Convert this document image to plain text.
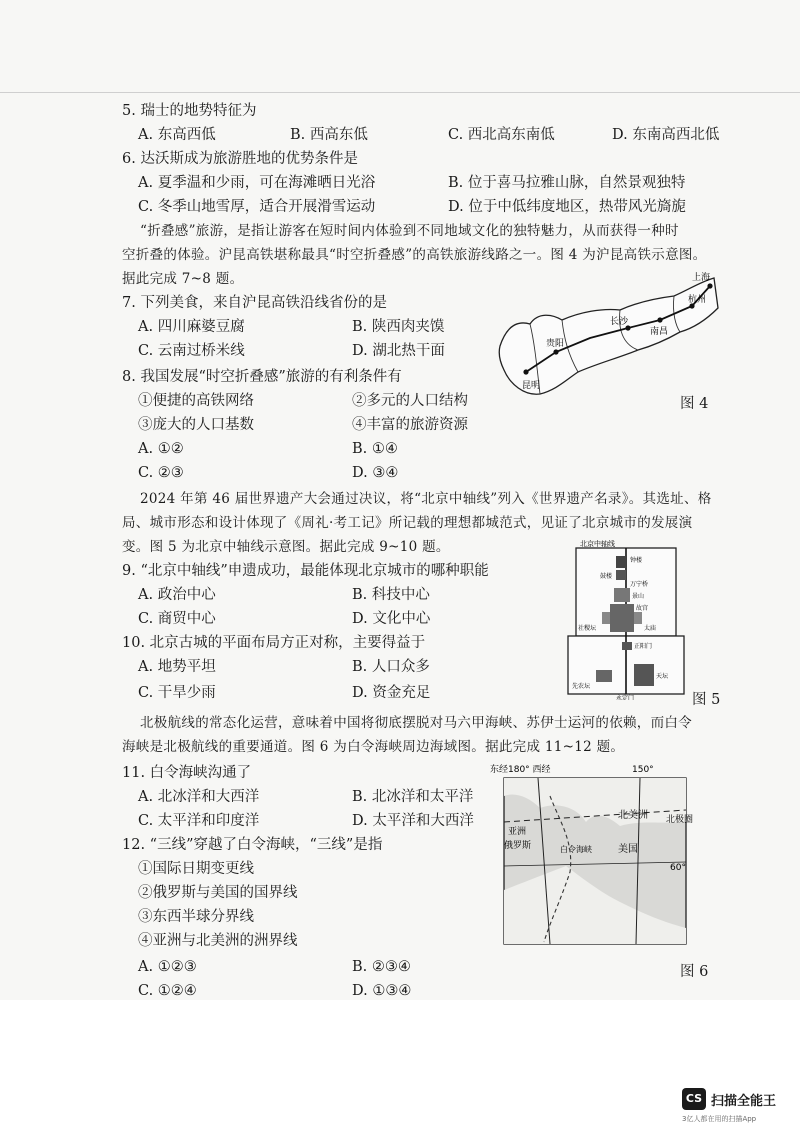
5. 瑞士的地势特征为
A. 东高西低	B. 西高东低	C. 西北高东南低	D. 东南高西北低
6. 达沃斯成为旅游胜地的优势条件是
A. 夏季温和少雨，可在海滩晒日光浴	B. 位于喜马拉雅山脉，自然景观独特
C. 冬季山地雪厚，适合开展滑雪运动	D. 位于中低纬度地区，热带风光旖旎
“折叠感”旅游，是指让游客在短时间内体验到不同地域文化的独特魅力，从而获得一种时
空折叠的体验。沪昆高铁堪称最具“时空折叠感”的高铁旅游线路之一。图 4 为沪昆高铁示意图。
据此完成 7~8 题。
7. 下列美食，来自沪昆高铁沿线省份的是
A. 四川麻婆豆腐	B. 陕西肉夹馍
C. 云南过桥米线	D. 湖北热干面
8. 我国发展“时空折叠感”旅游的有利条件有
①便捷的高铁网络	②多元的人口结构
③庞大的人口基数	④丰富的旅游资源
A. ①②	B. ①④
C. ②③	D. ③④
上海
杭州
长沙
南昌
贵阳
昆明
图 4
2024 年第 46 届世界遗产大会通过决议，将“北京中轴线”列入《世界遗产名录》。其选址、格
局、城市形态和设计体现了《周礼·考工记》所记载的理想都城范式，见证了北京城市的发展演
变。图 5 为北京中轴线示意图。据此完成 9~10 题。
9. “北京中轴线”申遗成功，最能体现北京城市的哪种职能
A. 政治中心	B. 科技中心
C. 商贸中心	D. 文化中心
10. 北京古城的平面布局方正对称，主要得益于
A. 地势平坦	B. 人口众多
C. 干旱少雨	D. 资金充足
北京中轴线
钟楼
鼓楼
万宁桥
景山
故宫
社稷坛	太庙
正阳门
先农坛
天坛
永定门	图 5
北极航线的常态化运营，意味着中国将彻底摆脱对马六甲海峡、苏伊士运河的依赖，而白令
海峡是北极航线的重要通道。图 6 为白令海峡周边海域图。据此完成 11~12 题。
11. 白令海峡沟通了
A. 北冰洋和大西洋	B. 北冰洋和太平洋
C. 太平洋和印度洋	D. 太平洋和大西洋
12. “三线”穿越了白令海峡，“三线”是指
①国际日期变更线
②俄罗斯与美国的国界线
③东西半球分界线
④亚洲与北美洲的洲界线
A. ①②③	B. ②③④
C. ①②④	D. ①③④
东经180° 西经	150°
北美洲 北极圈
亚洲
俄罗斯	白令海峡	美国
60°
图 6
CS 扫描全能王
3亿人都在用的扫描App
